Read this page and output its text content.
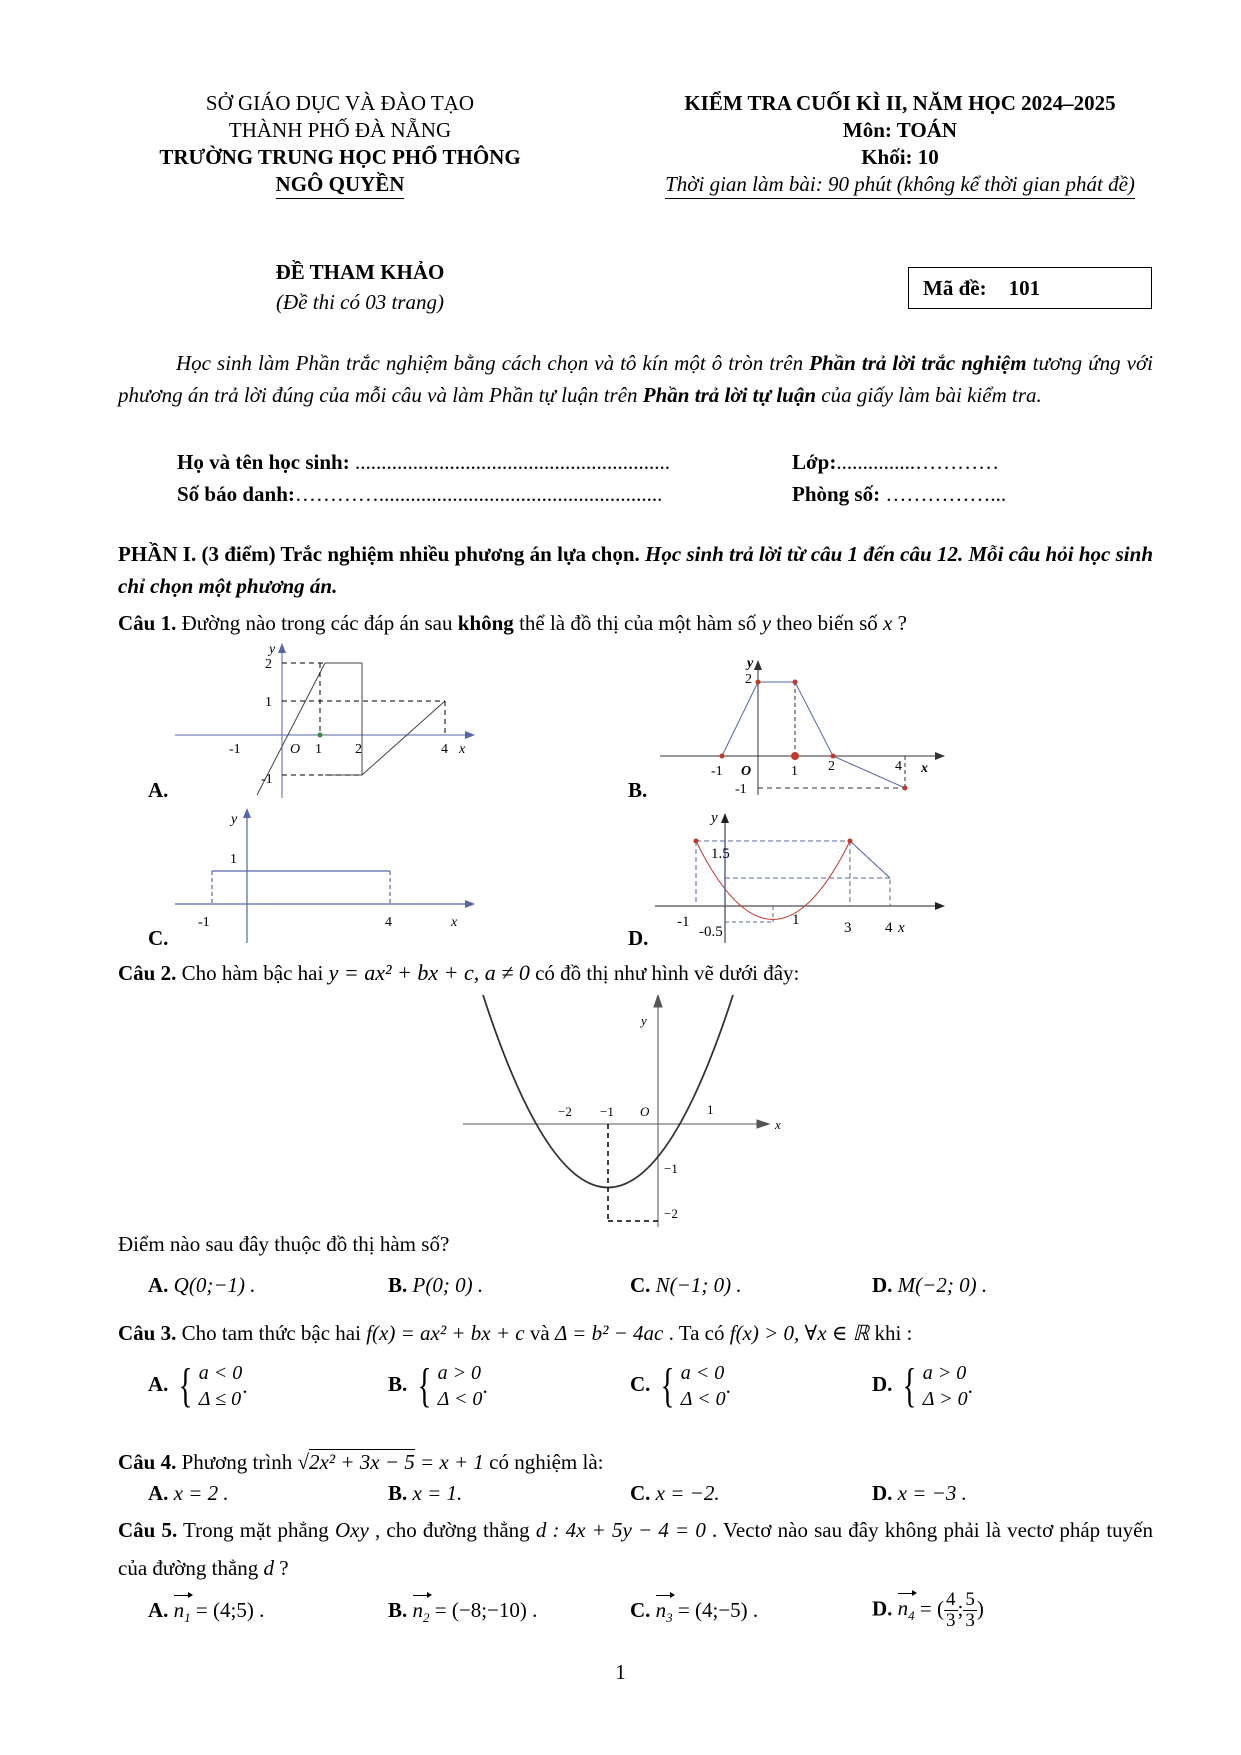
SỞ GIÁO DỤC VÀ ĐÀO TẠO
THÀNH PHỐ ĐÀ NẴNG
TRƯỜNG TRUNG HỌC PHỔ THÔNG
NGÔ QUYỀN
KIỂM TRA CUỐI KÌ II, NĂM HỌC 2024–2025
Môn: TOÁN
Khối: 10
Thời gian làm bài: 90 phút (không kể thời gian phát đề)
ĐỀ THAM KHẢO
(Đề thi có 03 trang)
Mã đề: 101
Học sinh làm Phần trắc nghiệm bằng cách chọn và tô kín một ô tròn trên Phần trả lời trắc nghiệm tương ứng với phương án trả lời đúng của mỗi câu và làm Phần tự luận trên Phần trả lời tự luận của giấy làm bài kiểm tra.
Họ và tên học sinh: ............................................................	Lớp:...............…………
Số báo danh:…………......................................................	Phòng số: ……………...
PHẦN I. (3 điểm) Trắc nghiệm nhiều phương án lựa chọn. Học sinh trả lời từ câu 1 đến câu 12. Mỗi câu hỏi học sinh chỉ chọn một phương án.
Câu 1. Đường nào trong các đáp án sau không thể là đồ thị của một hàm số y theo biến số x ?
A.	B.
C.	D.
y
2
1
-1	O 1 2	4 x
-1
y
2
-1 O	1 2	4 x
-1
y
1
-1	4	x
y
1.5
-1
-0.5
1	3 4 x
Câu 2. Cho hàm bậc hai y = ax² + bx + c, a ≠ 0 có đồ thị như hình vẽ dưới đây:
y
−2 −1 O	1
x
−1
−2
Điểm nào sau đây thuộc đồ thị hàm số?
A. Q(0;−1) .	B. P(0; 0) .	C. N(−1; 0) .	D. M(−2; 0) .
Câu 3. Cho tam thức bậc hai f(x) = ax² + bx + c và Δ = b² − 4ac . Ta có f(x) > 0, ∀x ∈ ℝ khi :
A. { a < 0
Δ ≤ 0
.	B. { a > 0
Δ < 0
.	C. { a < 0
Δ < 0
.	D. { a > 0
Δ > 0
.
Câu 4. Phương trình √2x² + 3x − 5 = x + 1 có nghiệm là:
A. x = 2 .	B. x = 1.	C. x = −2.	D. x = −3 .
Câu 5. Trong mặt phẳng Oxy , cho đường thẳng d : 4x + 5y − 4 = 0 . Vectơ nào sau đây không phải là vectơ pháp tuyến của đường thẳng d ?
A. $n_1$ = (4;5) .	B. $n_2$ = (−8;−10) .	C. $n_3$ = (4;−5) .	D. $n_4$ = ( $\frac{4}{3}$ ; $\frac{5}{3}$ )
1
